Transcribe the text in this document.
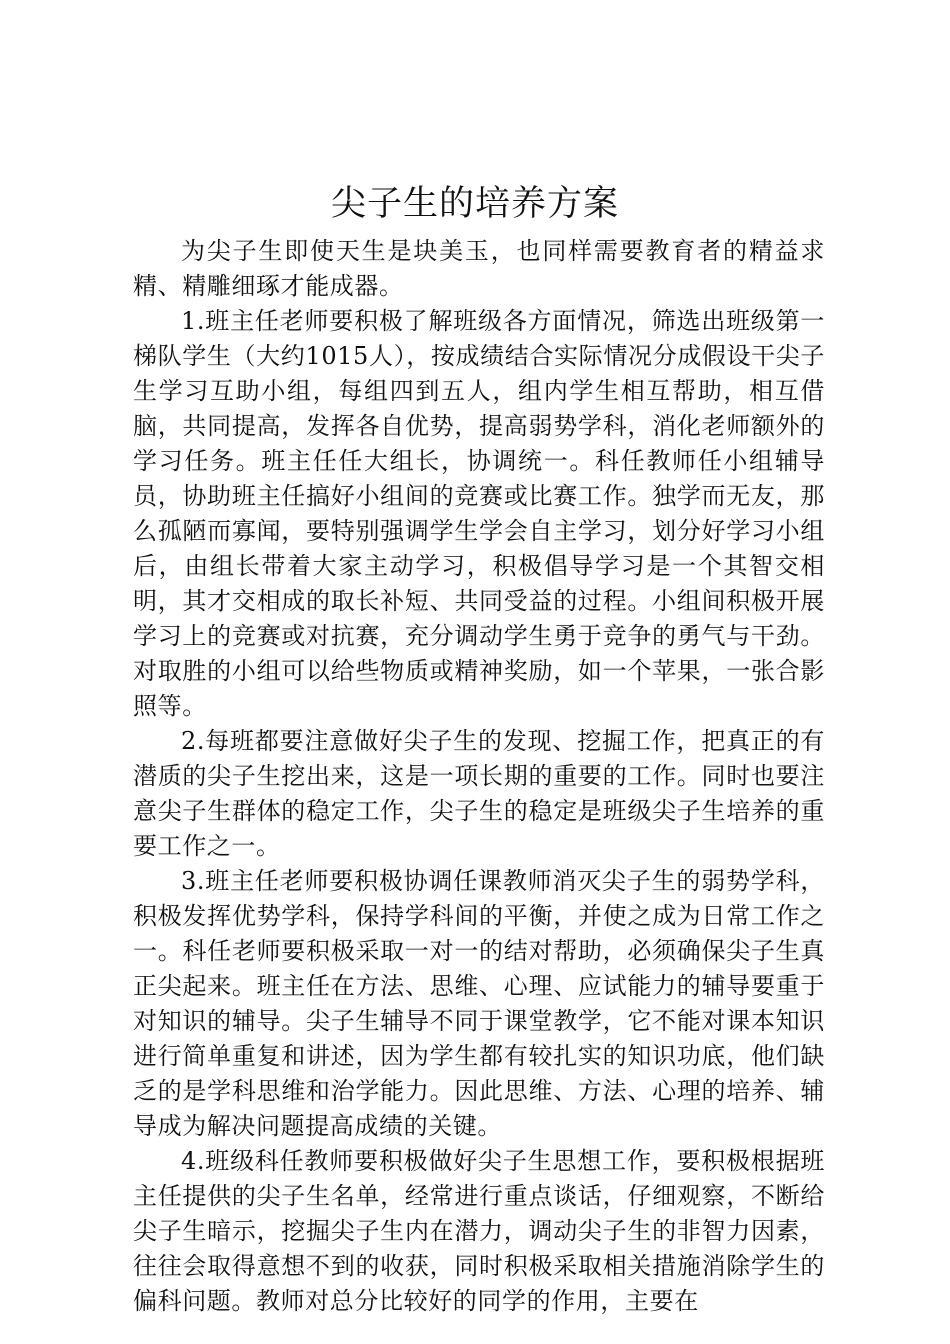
尖子生的培养方案

为尖子生即使天生是块美玉，也同样需要教育者的精益求精、精雕细琢才能成器。

1.班主任老师要积极了解班级各方面情况，筛选出班级第一梯队学生（大约1015人），按成绩结合实际情况分成假设干尖子生学习互助小组，每组四到五人，组内学生相互帮助，相互借脑，共同提高，发挥各自优势，提高弱势学科，消化老师额外的学习任务。班主任任大组长，协调统一。科任教师任小组辅导员，协助班主任搞好小组间的竞赛或比赛工作。独学而无友，那么孤陋而寡闻，要特别强调学生学会自主学习，划分好学习小组后，由组长带着大家主动学习，积极倡导学习是一个其智交相明，其才交相成的取长补短、共同受益的过程。小组间积极开展学习上的竞赛或对抗赛，充分调动学生勇于竞争的勇气与干劲。对取胜的小组可以给些物质或精神奖励，如一个苹果，一张合影照等。

2.每班都要注意做好尖子生的发现、挖掘工作，把真正的有潜质的尖子生挖出来，这是一项长期的重要的工作。同时也要注意尖子生群体的稳定工作，尖子生的稳定是班级尖子生培养的重要工作之一。

3.班主任老师要积极协调任课教师消灭尖子生的弱势学科，积极发挥优势学科，保持学科间的平衡，并使之成为日常工作之一。科任老师要积极采取一对一的结对帮助，必须确保尖子生真正尖起来。班主任在方法、思维、心理、应试能力的辅导要重于对知识的辅导。尖子生辅导不同于课堂教学，它不能对课本知识进行简单重复和讲述，因为学生都有较扎实的知识功底，他们缺乏的是学科思维和治学能力。因此思维、方法、心理的培养、辅导成为解决问题提高成绩的关键。

4.班级科任教师要积极做好尖子生思想工作，要积极根据班主任提供的尖子生名单，经常进行重点谈话，仔细观察，不断给尖子生暗示，挖掘尖子生内在潜力，调动尖子生的非智力因素，往往会取得意想不到的收获，同时积极采取相关措施消除学生的偏科问题。教师对总分比较好的同学的作用，主要在
